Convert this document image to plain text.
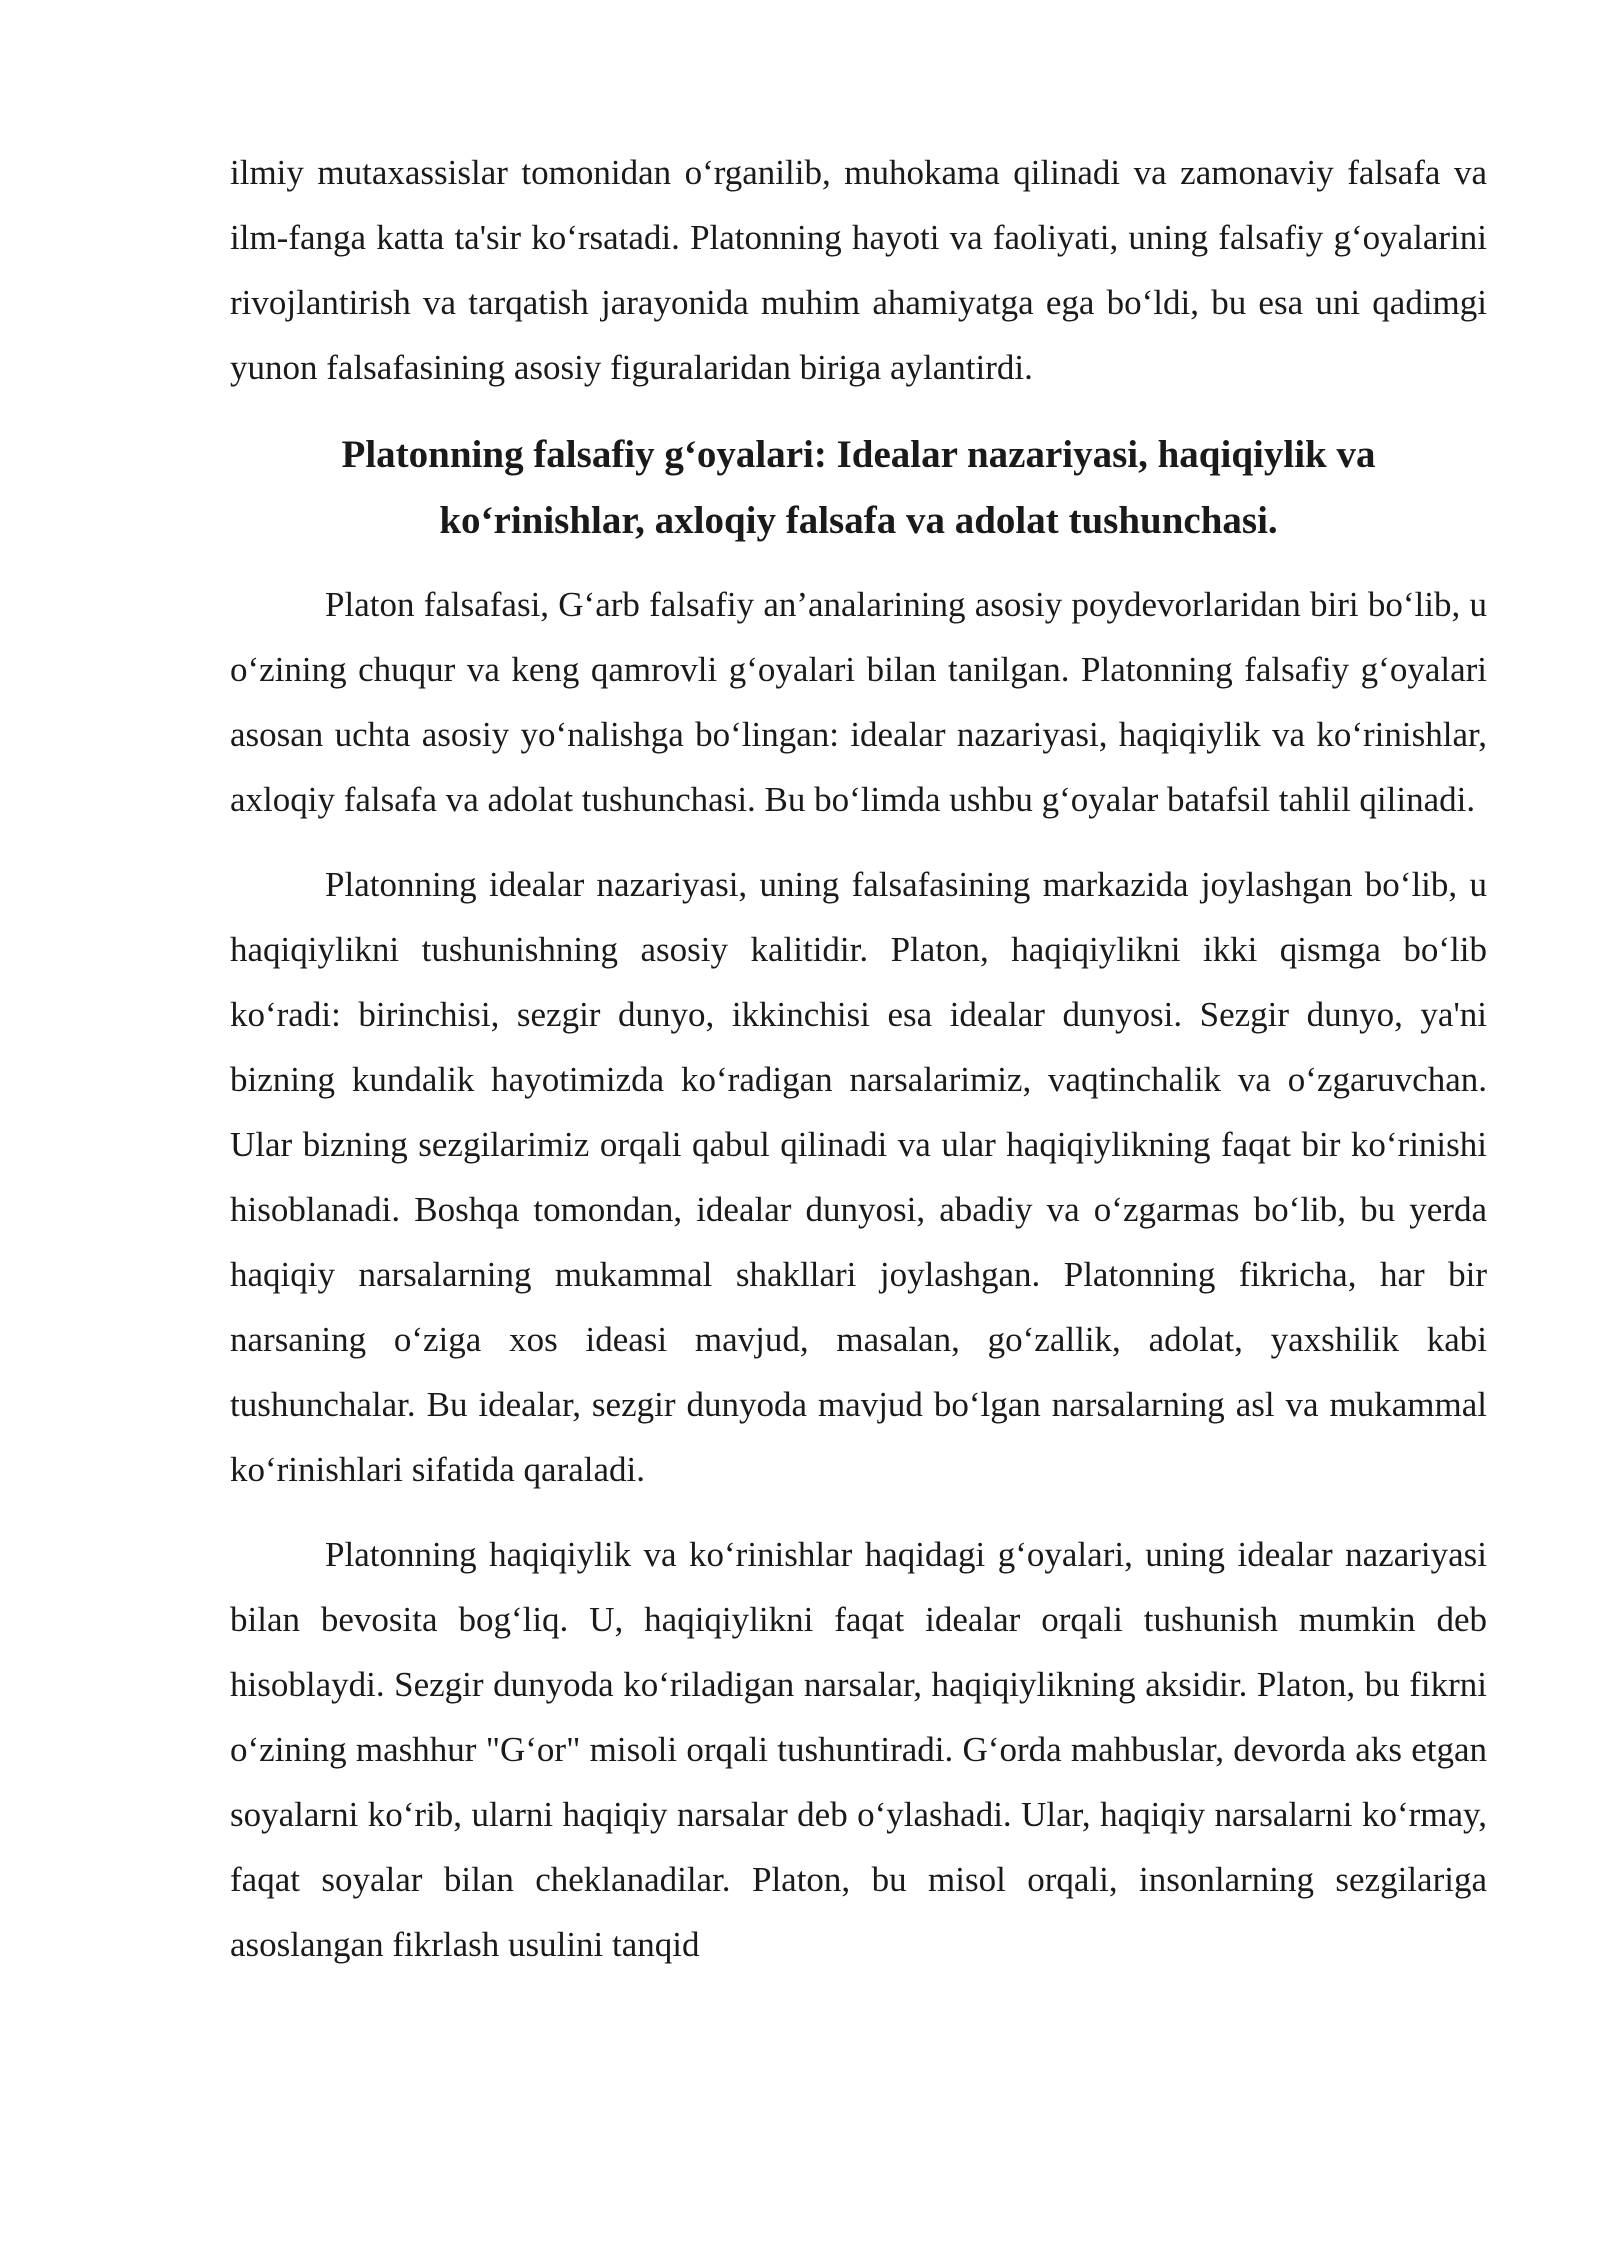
ilmiy mutaxassislar tomonidan o‘rganilib, muhokama qilinadi va zamonaviy falsafa va ilm-fanga katta ta'sir ko‘rsatadi. Platonning hayoti va faoliyati, uning falsafiy g‘oyalarini rivojlantirish va tarqatish jarayonida muhim ahamiyatga ega bo‘ldi, bu esa uni qadimgi yunon falsafasining asosiy figuralaridan biriga aylantirdi.

Platonning falsafiy g‘oyalari: Idealar nazariyasi, haqiqiylik va ko‘rinishlar, axloqiy falsafa va adolat tushunchasi.

Platon falsafasi, G‘arb falsafiy an’analarining asosiy poydevorlaridan biri bo‘lib, u o‘zining chuqur va keng qamrovli g‘oyalari bilan tanilgan. Platonning falsafiy g‘oyalari asosan uchta asosiy yo‘nalishga bo‘lingan: idealar nazariyasi, haqiqiylik va ko‘rinishlar, axloqiy falsafa va adolat tushunchasi. Bu bo‘limda ushbu g‘oyalar batafsil tahlil qilinadi.

Platonning idealar nazariyasi, uning falsafasining markazida joylashgan bo‘lib, u haqiqiylikni tushunishning asosiy kalitidir. Platon, haqiqiylikni ikki qismga bo‘lib ko‘radi: birinchisi, sezgir dunyo, ikkinchisi esa idealar dunyosi. Sezgir dunyo, ya'ni bizning kundalik hayotimizda ko‘radigan narsalarimiz, vaqtinchalik va o‘zgaruvchan. Ular bizning sezgilarimiz orqali qabul qilinadi va ular haqiqiylikning faqat bir ko‘rinishi hisoblanadi. Boshqa tomondan, idealar dunyosi, abadiy va o‘zgarmas bo‘lib, bu yerda haqiqiy narsalarning mukammal shakllari joylashgan. Platonning fikricha, har bir narsaning o‘ziga xos ideasi mavjud, masalan, go‘zallik, adolat, yaxshilik kabi tushunchalar. Bu idealar, sezgir dunyoda mavjud bo‘lgan narsalarning asl va mukammal ko‘rinishlari sifatida qaraladi.

Platonning haqiqiylik va ko‘rinishlar haqidagi g‘oyalari, uning idealar nazariyasi bilan bevosita bog‘liq. U, haqiqiylikni faqat idealar orqali tushunish mumkin deb hisoblaydi. Sezgir dunyoda ko‘riladigan narsalar, haqiqiylikning aksidir. Platon, bu fikrni o‘zining mashhur "G‘or" misoli orqali tushuntiradi. G‘orda mahbuslar, devorda aks etgan soyalarni ko‘rib, ularni haqiqiy narsalar deb o‘ylashadi. Ular, haqiqiy narsalarni ko‘rmay, faqat soyalar bilan cheklanadilar. Platon, bu misol orqali, insonlarning sezgilariga asoslangan fikrlash usulini tanqid
